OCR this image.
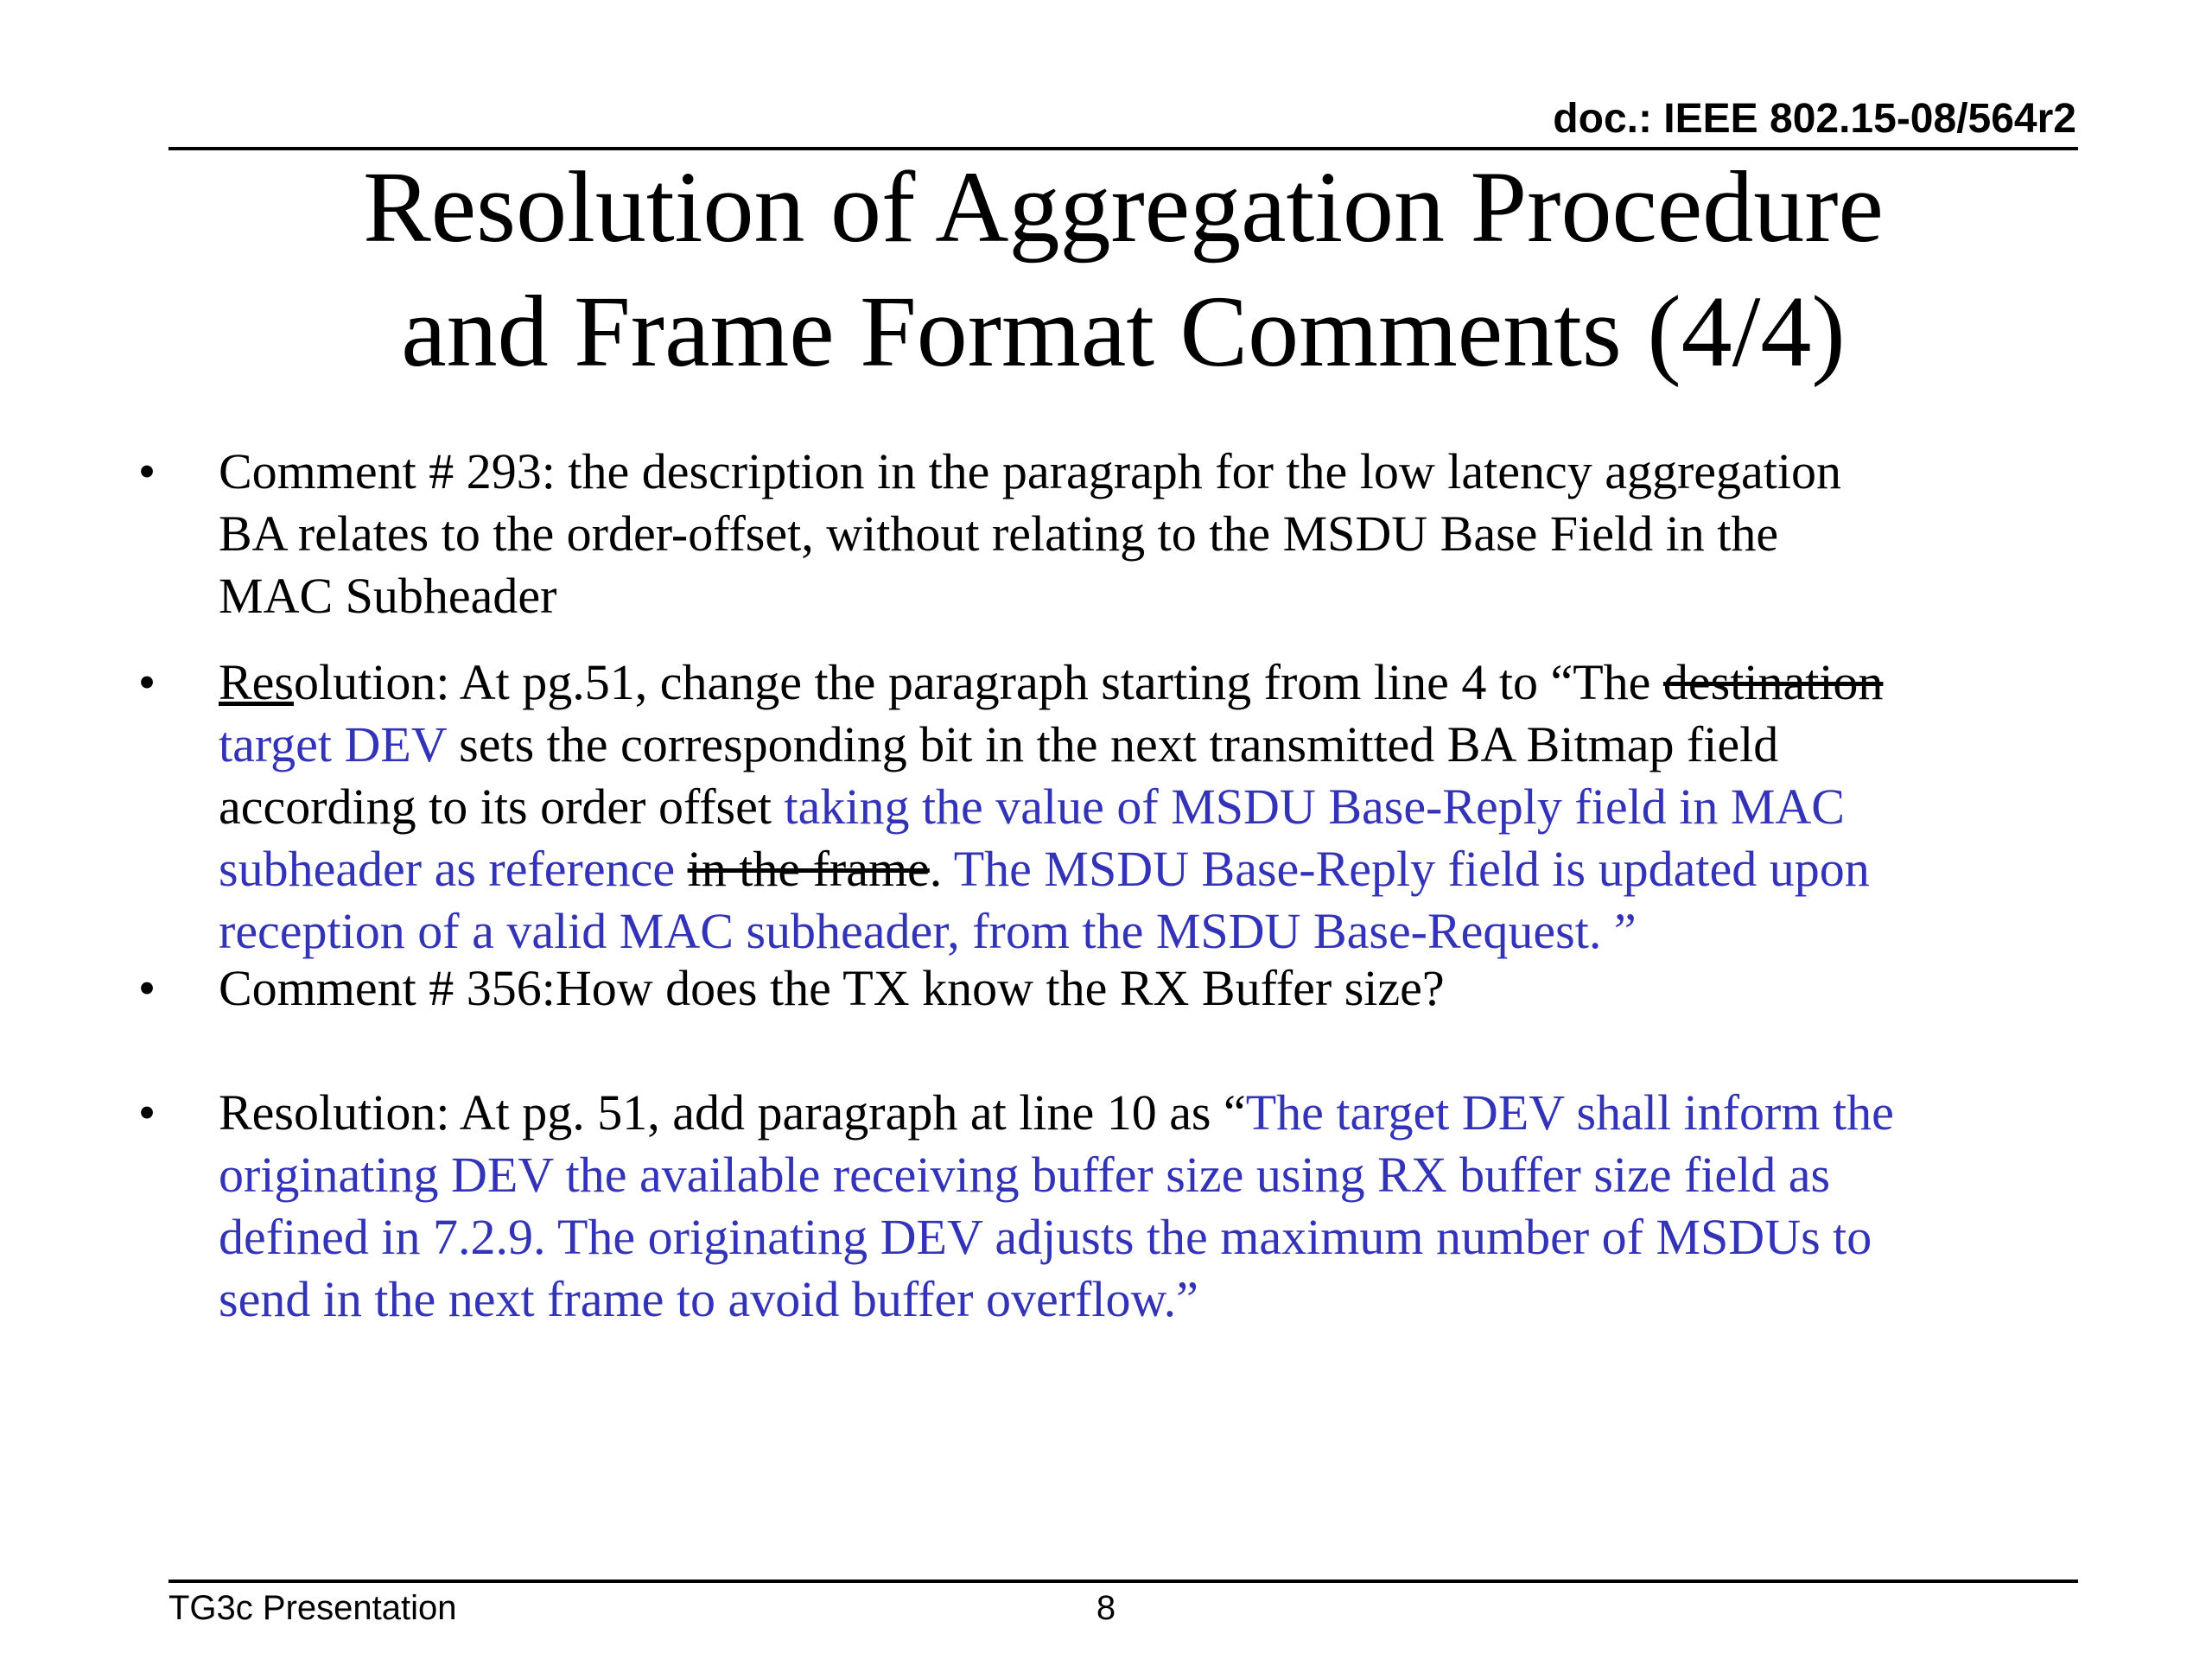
doc.: IEEE 802.15-08/564r2
Resolution of Aggregation Procedure
and Frame Format Comments (4/4)
• Comment # 293: the description in the paragraph for the low latency aggregation
BA relates to the order-offset, without relating to the MSDU Base Field in the
MAC Subheader
• Resolution: At pg.51, change the paragraph starting from line 4 to “The destination
target DEV sets the corresponding bit in the next transmitted BA Bitmap field
according to its order offset taking the value of MSDU Base-Reply field in MAC
subheader as reference in the frame. The MSDU Base-Reply field is updated upon
reception of a valid MAC subheader, from the MSDU Base-Request. ”
• Comment # 356:How does the TX know the RX Buffer size?
• Resolution: At pg. 51, add paragraph at line 10 as “The target DEV shall inform the
originating DEV the available receiving buffer size using RX buffer size field as
defined in 7.2.9. The originating DEV adjusts the maximum number of MSDUs to
send in the next frame to avoid buffer overflow.”
TG3c Presentation	8
